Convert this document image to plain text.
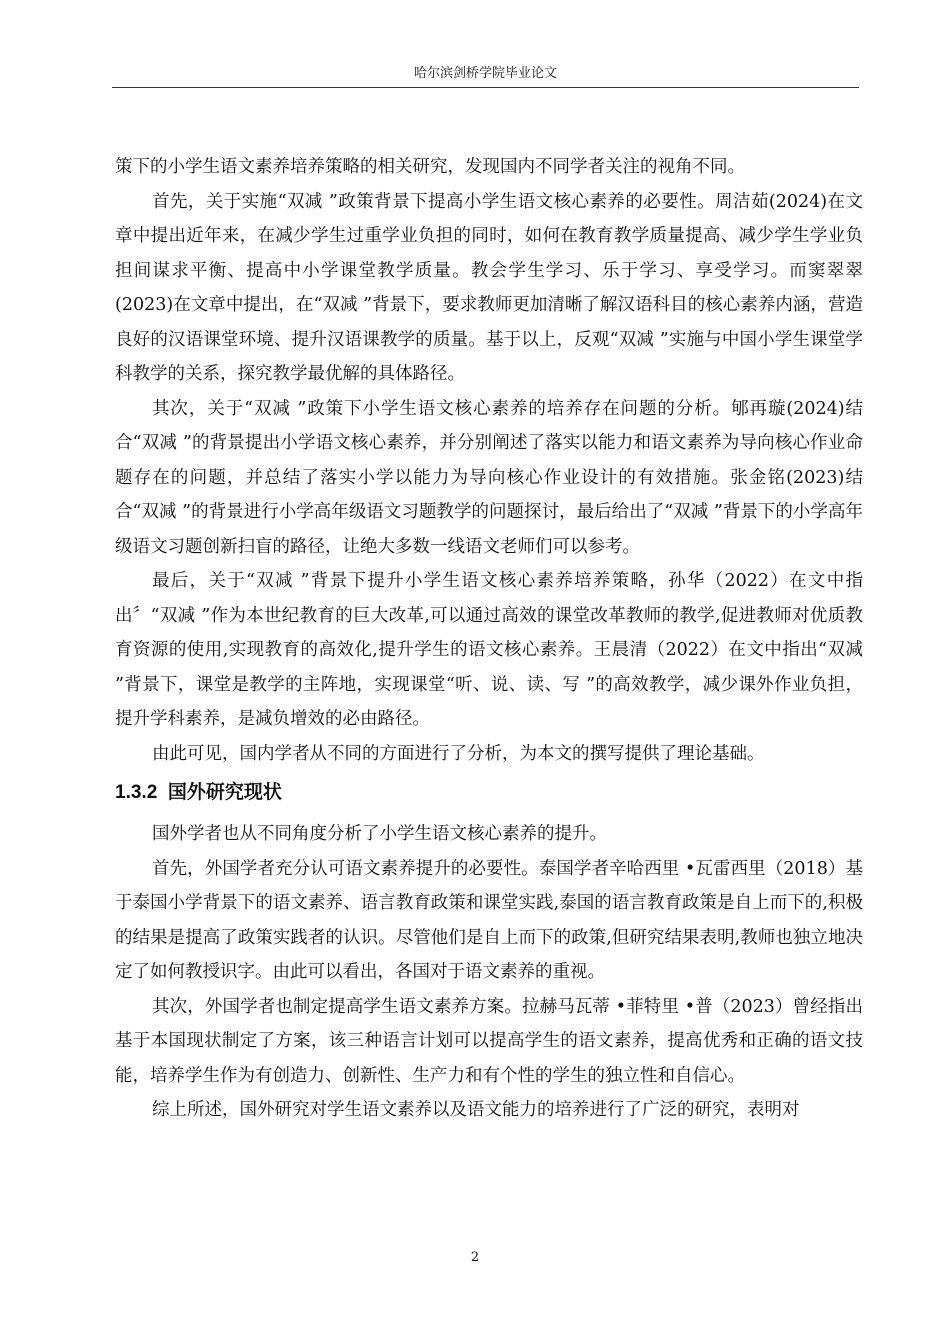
哈尔滨剑桥学院毕业论文

策下的小学生语文素养培养策略的相关研究，发现国内不同学者关注的视角不同。

首先，关于实施“双减 ”政策背景下提高小学生语文核心素养的必要性。周洁茹(2024)在文章中提出近年来，在减少学生过重学业负担的同时，如何在教育教学质量提高、减少学生学业负担间谋求平衡、提高中小学课堂教学质量。教会学生学习、乐于学习、享受学习。而窦翠翠(2023)在文章中提出，在“双减 ”背景下，要求教师更加清晰了解汉语科目的核心素养内涵，营造良好的汉语课堂环境、提升汉语课教学的质量。基于以上，反观“双减 ”实施与中国小学生课堂学科教学的关系，探究教学最优解的具体路径。

其次，关于“双减 ”政策下小学生语文核心素养的培养存在问题的分析。郇再璇(2024)结合“双减 ”的背景提出小学语文核心素养，并分别阐述了落实以能力和语文素养为导向核心作业命题存在的问题，并总结了落实小学以能力为导向核心作业设计的有效措施。张金铭(2023)结合“双减 ”的背景进行小学高年级语文习题教学的问题探讨，最后给出了“双减 ”背景下的小学高年级语文习题创新扫盲的路径，让绝大多数一线语文老师们可以参考。

最后，关于“双减 ”背景下提升小学生语文核心素养培养策略，孙华（2022）在文中指出〞“双减 ”作为本世纪教育的巨大改革,可以通过高效的课堂改革教师的教学,促进教师对优质教育资源的使用,实现教育的高效化,提升学生的语文核心素养。王晨清（2022）在文中指出“双减 ”背景下，课堂是教学的主阵地，实现课堂“听、说、读、写 ”的高效教学，减少课外作业负担，提升学科素养，是减负增效的必由路径。

由此可见，国内学者从不同的方面进行了分析，为本文的撰写提供了理论基础。

1.3.2 国外研究现状

国外学者也从不同角度分析了小学生语文核心素养的提升。

首先，外国学者充分认可语文素养提升的必要性。泰国学者辛哈西里 •瓦雷西里（2018）基于泰国小学背景下的语文素养、语言教育政策和课堂实践,泰国的语言教育政策是自上而下的,积极的结果是提高了政策实践者的认识。尽管他们是自上而下的政策,但研究结果表明,教师也独立地决定了如何教授识字。由此可以看出，各国对于语文素养的重视。

其次，外国学者也制定提高学生语文素养方案。拉赫马瓦蒂 •菲特里 •普（2023）曾经指出基于本国现状制定了方案，该三种语言计划可以提高学生的语文素养，提高优秀和正确的语文技能，培养学生作为有创造力、创新性、生产力和有个性的学生的独立性和自信心。

综上所述，国外研究对学生语文素养以及语文能力的培养进行了广泛的研究，表明对

2
